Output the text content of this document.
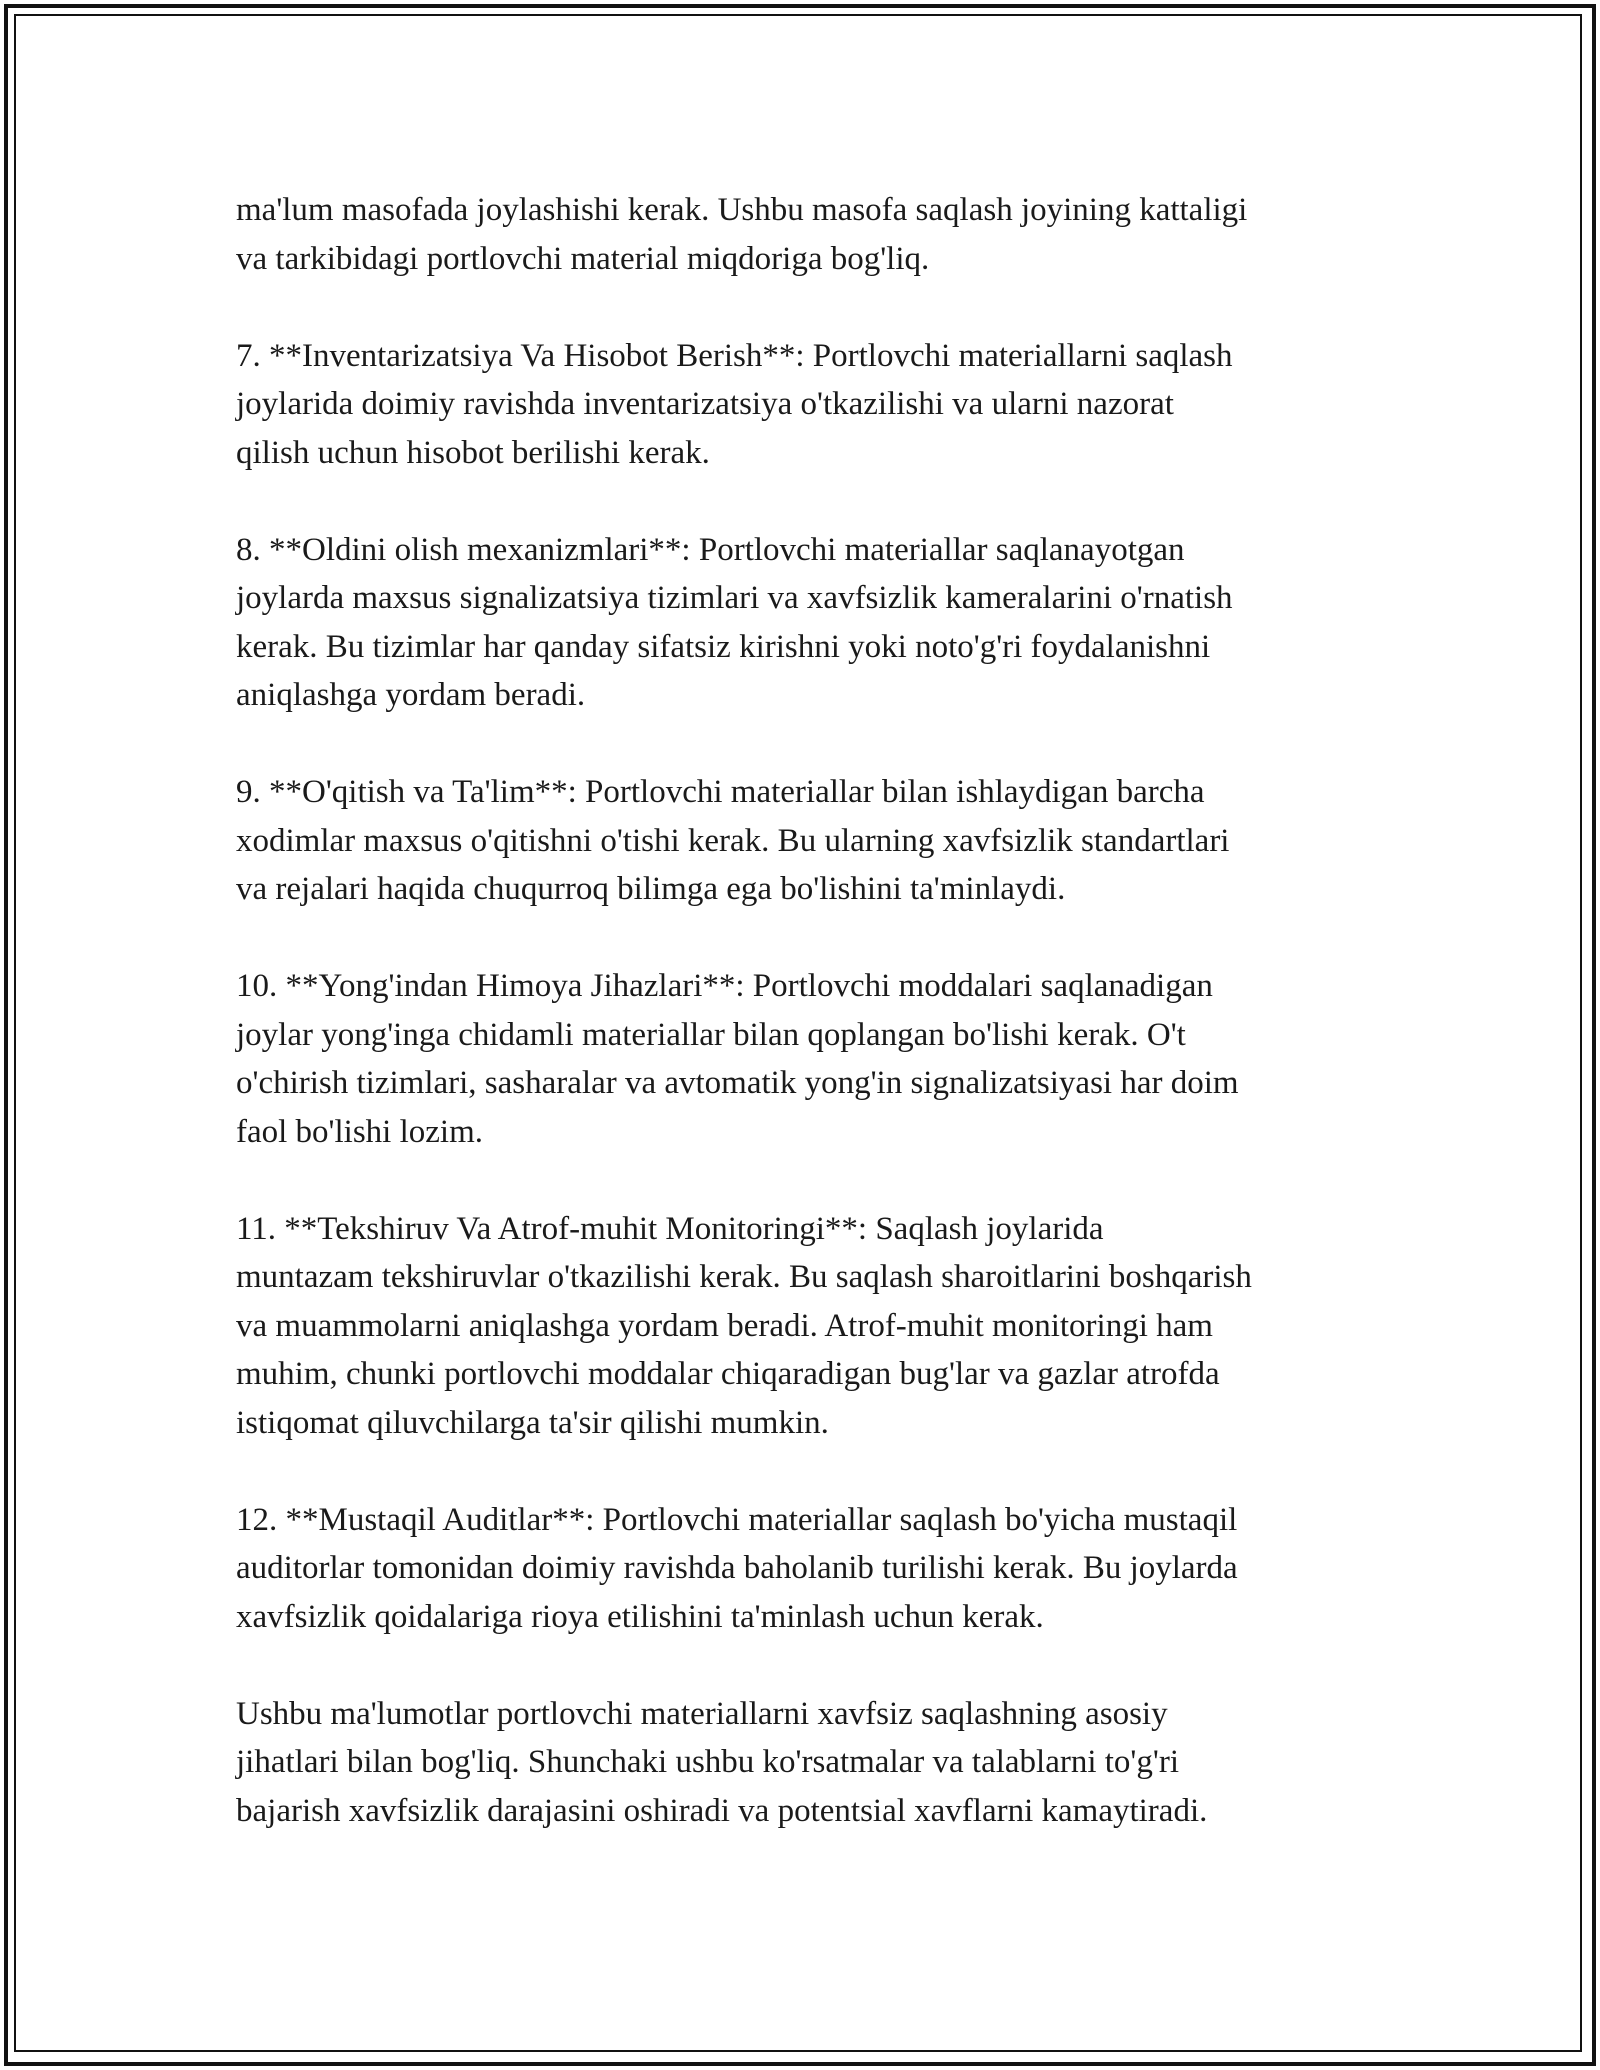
ma'lum masofada joylashishi kerak. Ushbu masofa saqlash joyining kattaligi
va tarkibidagi portlovchi material miqdoriga bog'liq.

7. **Inventarizatsiya Va Hisobot Berish**: Portlovchi materiallarni saqlash
joylarida doimiy ravishda inventarizatsiya o'tkazilishi va ularni nazorat
qilish uchun hisobot berilishi kerak.

8. **Oldini olish mexanizmlari**: Portlovchi materiallar saqlanayotgan
joylarda maxsus signalizatsiya tizimlari va xavfsizlik kameralarini o'rnatish
kerak. Bu tizimlar har qanday sifatsiz kirishni yoki noto'g'ri foydalanishni
aniqlashga yordam beradi.

9. **O'qitish va Ta'lim**: Portlovchi materiallar bilan ishlaydigan barcha
xodimlar maxsus o'qitishni o'tishi kerak. Bu ularning xavfsizlik standartlari
va rejalari haqida chuqurroq bilimga ega bo'lishini ta'minlaydi.

10. **Yong'indan Himoya Jihazlari**: Portlovchi moddalari saqlanadigan
joylar yong'inga chidamli materiallar bilan qoplangan bo'lishi kerak. O't
o'chirish tizimlari, sasharalar va avtomatik yong'in signalizatsiyasi har doim
faol bo'lishi lozim.

11. **Tekshiruv Va Atrof-muhit Monitoringi**: Saqlash joylarida
muntazam tekshiruvlar o'tkazilishi kerak. Bu saqlash sharoitlarini boshqarish
va muammolarni aniqlashga yordam beradi. Atrof-muhit monitoringi ham
muhim, chunki portlovchi moddalar chiqaradigan bug'lar va gazlar atrofda
istiqomat qiluvchilarga ta'sir qilishi mumkin.

12. **Mustaqil Auditlar**: Portlovchi materiallar saqlash bo'yicha mustaqil
auditorlar tomonidan doimiy ravishda baholanib turilishi kerak. Bu joylarda
xavfsizlik qoidalariga rioya etilishini ta'minlash uchun kerak.

Ushbu ma'lumotlar portlovchi materiallarni xavfsiz saqlashning asosiy
jihatlari bilan bog'liq. Shunchaki ushbu ko'rsatmalar va talablarni to'g'ri
bajarish xavfsizlik darajasini oshiradi va potentsial xavflarni kamaytiradi.
